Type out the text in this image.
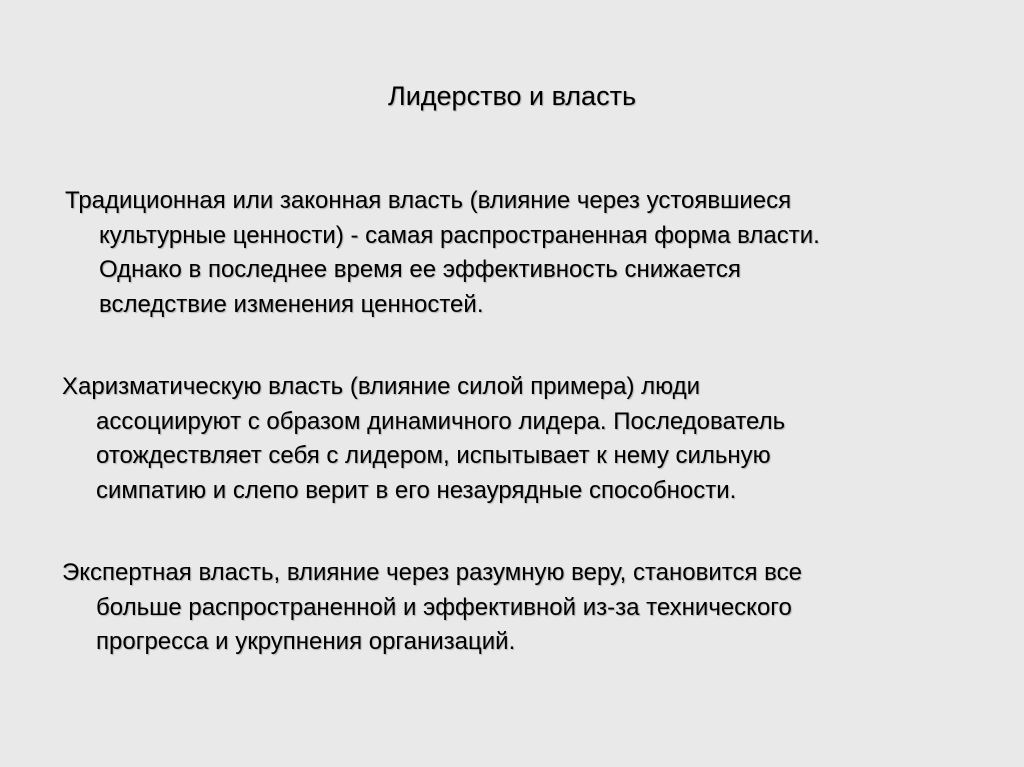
Лидерство и власть

Традиционная или законная власть (влияние через устоявшиеся
культурные ценности) - самая распространенная форма власти.
Однако в последнее время ее эффективность снижается
вследствие изменения ценностей.

Харизматическую власть (влияние силой примера) люди
ассоциируют с образом динамичного лидера. Последователь
отождествляет себя с лидером, испытывает к нему сильную
симпатию и слепо верит в его незаурядные способности.

Экспертная власть, влияние через разумную веру, становится все
больше распространенной и эффективной из-за технического
прогресса и укрупнения организаций.
